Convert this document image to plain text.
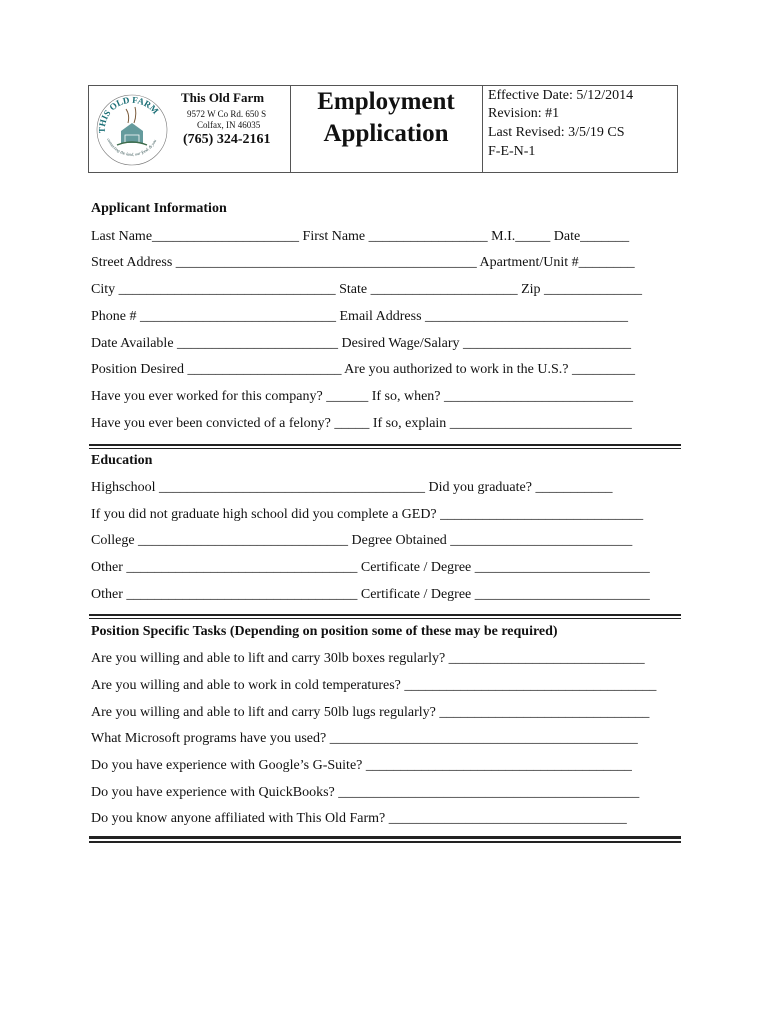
THIS OLD FARM
connecting the land, our food, & you
This Old Farm
9572 W Co Rd. 650 S
Colfax, IN 46035
(765) 324-2161
Employment
Application
Effective Date: 5/12/2014
Revision: #1
Last Revised: 3/5/19 CS
F-E-N-1
Applicant Information
Last Name_____________________ First Name _________________ M.I._____ Date_______
Street Address ___________________________________________ Apartment/Unit #________
City _______________________________ State _____________________ Zip ______________
Phone # ____________________________ Email Address _____________________________
Date Available _______________________ Desired Wage/Salary ________________________
Position Desired ______________________ Are you authorized to work in the U.S.? _________
Have you ever worked for this company? ______ If so, when? ___________________________
Have you ever been convicted of a felony? _____ If so, explain __________________________
Education
Highschool ______________________________________ Did you graduate? ___________
If you did not graduate high school did you complete a GED? _____________________________
College ______________________________ Degree Obtained __________________________
Other _________________________________ Certificate / Degree _________________________
Other _________________________________ Certificate / Degree _________________________
Position Specific Tasks (Depending on position some of these may be required)
Are you willing and able to lift and carry 30lb boxes regularly? ____________________________
Are you willing and able to work in cold temperatures? ____________________________________
Are you willing and able to lift and carry 50lb lugs regularly? ______________________________
What Microsoft programs have you used? ____________________________________________
Do you have experience with Google’s G-Suite? ______________________________________
Do you have experience with QuickBooks? ___________________________________________
Do you know anyone affiliated with This Old Farm? __________________________________
